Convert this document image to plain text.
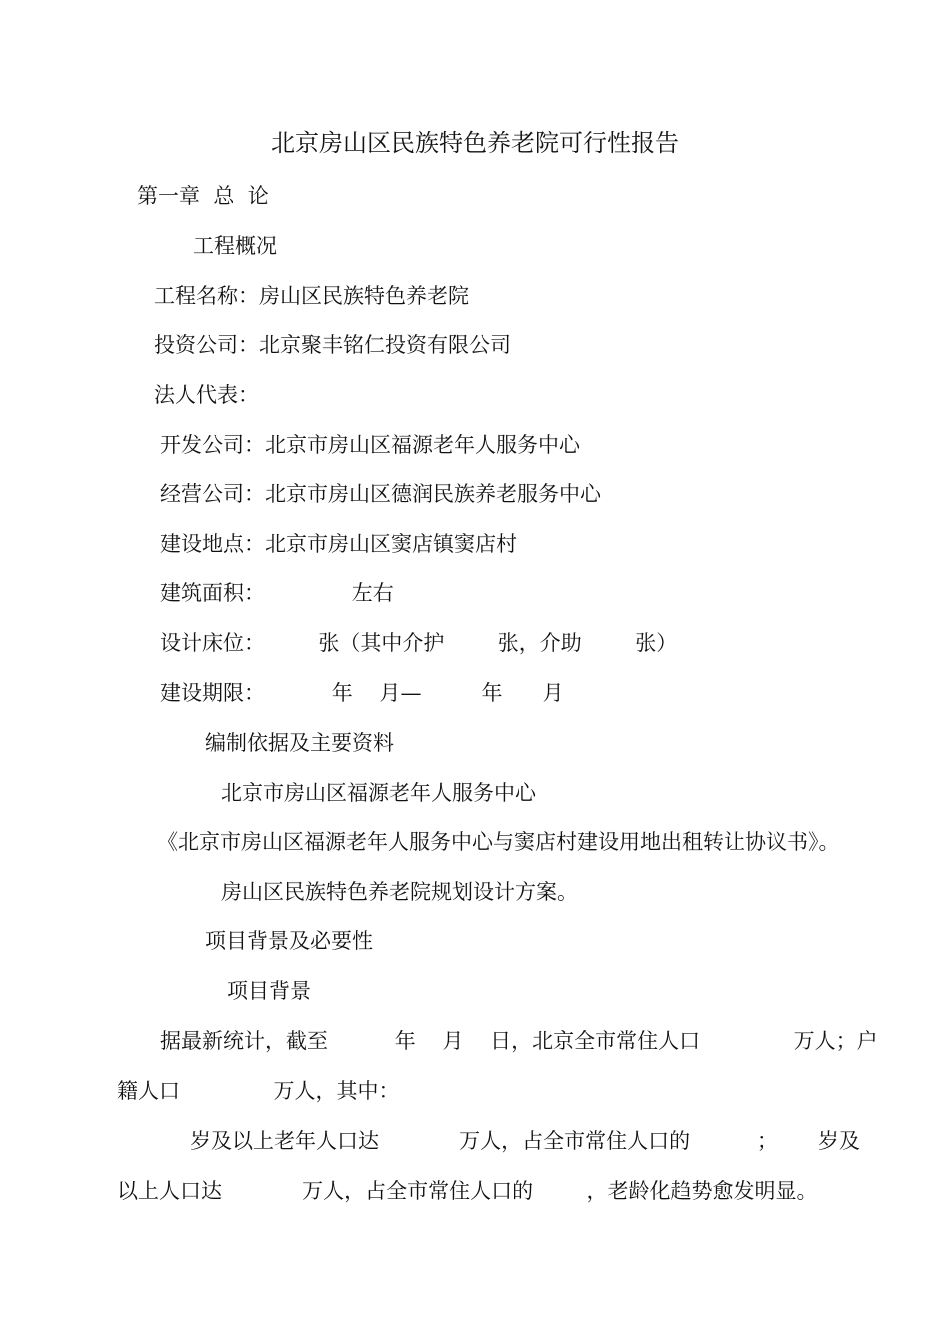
北京房山区民族特色养老院可行性报告
第一章  总  论
工程概况
工程名称：房山区民族特色养老院
投资公司：北京聚丰铭仁投资有限公司
法人代表：
开发公司：北京市房山区福源老年人服务中心
经营公司：北京市房山区德润民族养老服务中心
建设地点：北京市房山区窦店镇窦店村
建筑面积：             左右
设计床位：        张（其中介护        张，介助        张）
建设期限：          年    月—         年      月
编制依据及主要资料
北京市房山区福源老年人服务中心
《北京市房山区福源老年人服务中心与窦店村建设用地出租转让协议书》。
房山区民族特色养老院规划设计方案。
项目背景及必要性
项目背景
据最新统计，截至          年    月    日，北京全市常住人口              万人；户
籍人口              万人，其中：
岁及以上老年人口达            万人，占全市常住人口的          ；      岁及
以上人口达            万人，占全市常住人口的        ，老龄化趋势愈发明显。
